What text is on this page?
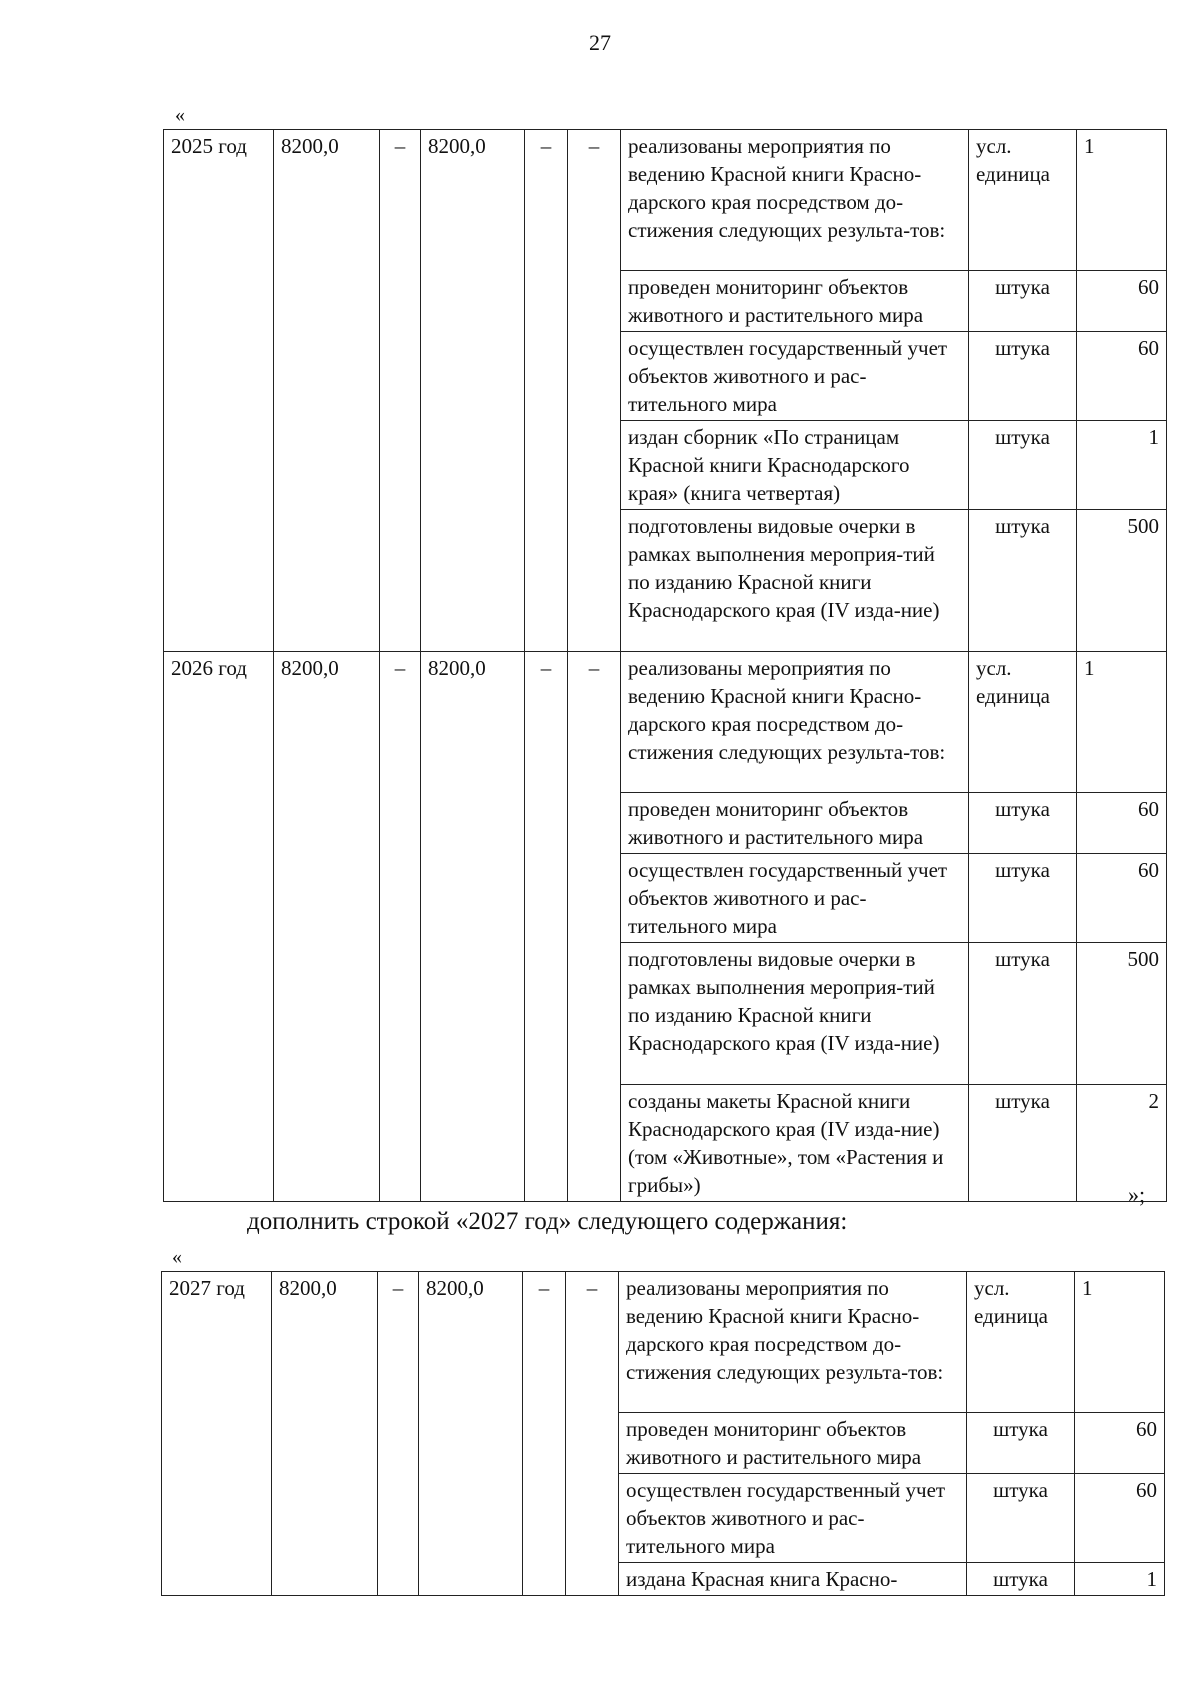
27
«
2025 год	8200,0	–	8200,0	–	–	реализованы мероприятия по ведению Красной книги Красно-дарского края посредством до-стижения следующих результа-тов:	усл. единица	1
						проведен мониторинг объектов животного и растительного мира	штука	60
						осуществлен государственный учет объектов животного и рас-тительного мира	штука	60
						издан сборник «По страницам Красной книги Краснодарского края» (книга четвертая)	штука	1
						подготовлены видовые очерки в рамках выполнения мероприя-тий по изданию Красной книги Краснодарского края (IV изда-ние)	штука	500
2026 год	8200,0	–	8200,0	–	–	реализованы мероприятия по ведению Красной книги Красно-дарского края посредством до-стижения следующих результа-тов:	усл. единица	1
						проведен мониторинг объектов животного и растительного мира	штука	60
						осуществлен государственный учет объектов животного и рас-тительного мира	штука	60
						подготовлены видовые очерки в рамках выполнения мероприя-тий по изданию Красной книги Краснодарского края (IV изда-ние)	штука	500
						созданы макеты Красной книги Краснодарского края (IV изда-ние) (том «Животные», том «Растения и грибы»)	штука	2
»;
дополнить строкой «2027 год» следующего содержания:
«
2027 год	8200,0	–	8200,0	–	–	реализованы мероприятия по ведению Красной книги Красно-дарского края посредством до-стижения следующих результа-тов:	усл. единица	1
						проведен мониторинг объектов животного и растительного мира	штука	60
						осуществлен государственный учет объектов животного и рас-тительного мира	штука	60
						издана Красная книга Красно-	штука	1
